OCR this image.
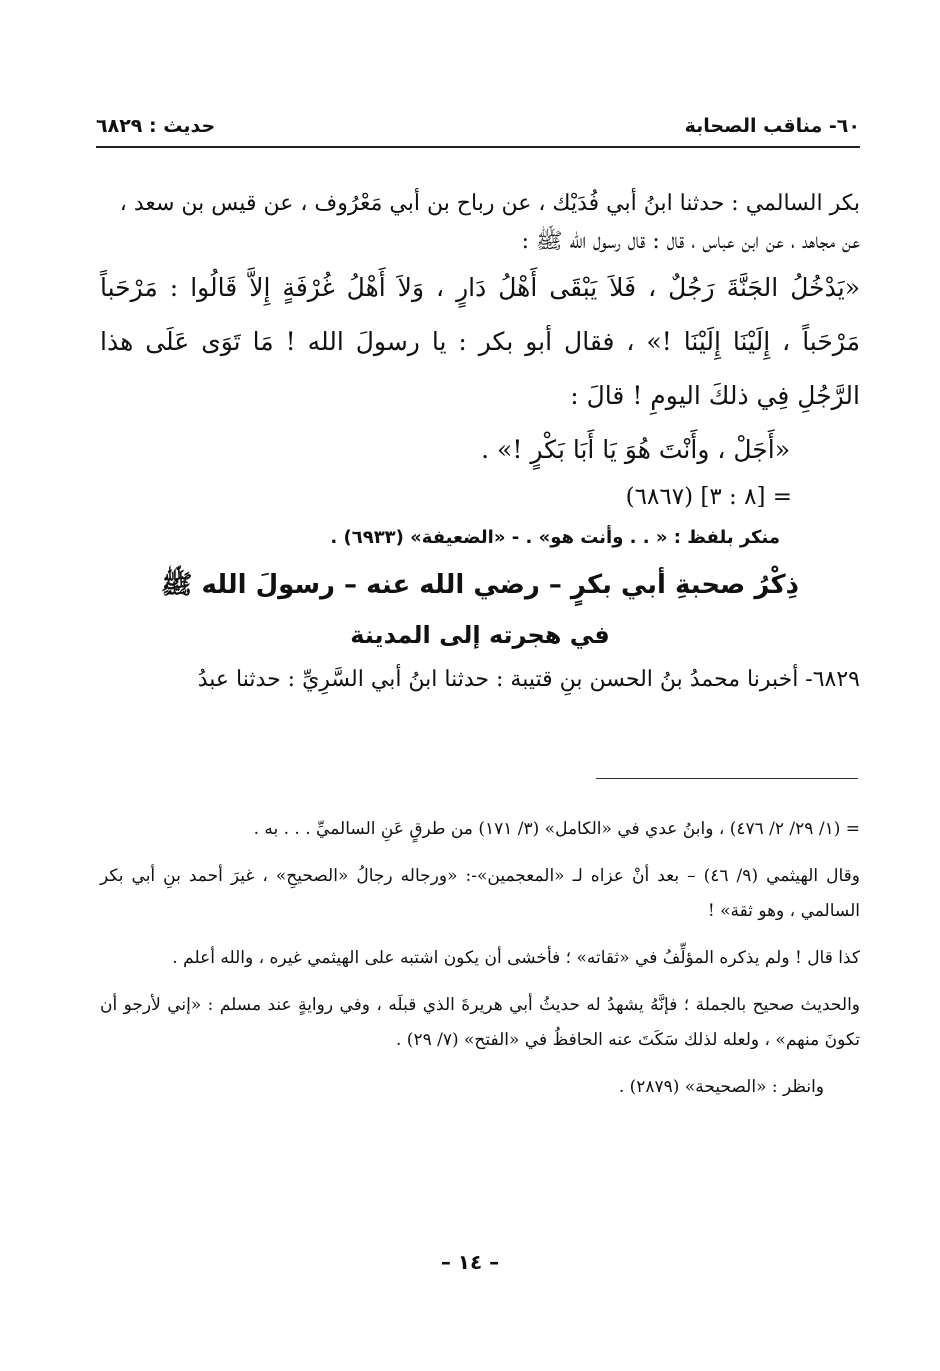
٦٠- مناقب الصحابة
حديث : ٦٨٢٩

بكر السالمي : حدثنا ابنُ أبي فُدَيْك ، عن رباح بن أبي مَعْرُوف ، عن قيس بن سعد ،

عن مجاهد ، عن ابن عباس ، قال : قال رسول الله ﷺ :

«يَدْخُلُ الجَنَّةَ رَجُلٌ ، فَلاَ يَبْقَى أَهْلُ دَارٍ ، وَلاَ أَهْلُ غُرْفَةٍ إِلاَّ قَالُوا : مَرْحَباً مَرْحَباً ، إِلَيْنَا إِلَيْنَا !» ، فقال أبو بكر : يا رسولَ الله ! مَا تَوَى عَلَى هذا الرَّجُلِ فِي ذلكَ اليومِ ! قالَ :

«أَجَلْ ، وأَنْتَ هُوَ يَا أَبَا بَكْرٍ !» .

= [٨ : ٣] (٦٨٦٧)

منكر بلفظ : « . . وأنت هو» . - «الضعيفة» (٦٩٣٣) .

ذِكْرُ صحبةِ أبي بكرٍ – رضي الله عنه – رسولَ الله ﷺ

في هجرته إلى المدينة

٦٨٢٩- أخبرنا محمدُ بنُ الحسن بنِ قتيبة : حدثنا ابنُ أبي السَّرِيِّ : حدثنا عبدُ

= (١/ ٢٩/ ٢/ ٤٧٦) ، وابنُ عدي في «الكامل» (٣/ ١٧١) من طرقٍ عَنِ السالميِّ . . . به .

وقال الهيثمي (٩/ ٤٦) – بعد أنْ عزاه لـ «المعجمين»-: «ورجاله رجالُ «الصحيحِ» ، غيرَ أحمد بنِ أبي بكر السالمي ، وهو ثقة» !

كذا قال ! ولم يذكره المؤلِّفُ في «ثقاته» ؛ فأخشى أن يكون اشتبه على الهيثمي غيره ، والله أعلم .

والحديث صحيح بالجملة ؛ فإنَّهُ يشهدُ له حديثُ أبي هريرةَ الذي قبلَه ، وفي روايةٍ عند مسلم : «إني لأرجو أن تكونَ منهم» ، ولعله لذلك سَكَتَ عنه الحافظُ في «الفتح» (٧/ ٢٩) .

وانظر : «الصحيحة» (٢٨٧٩) .

– ١٤ –
